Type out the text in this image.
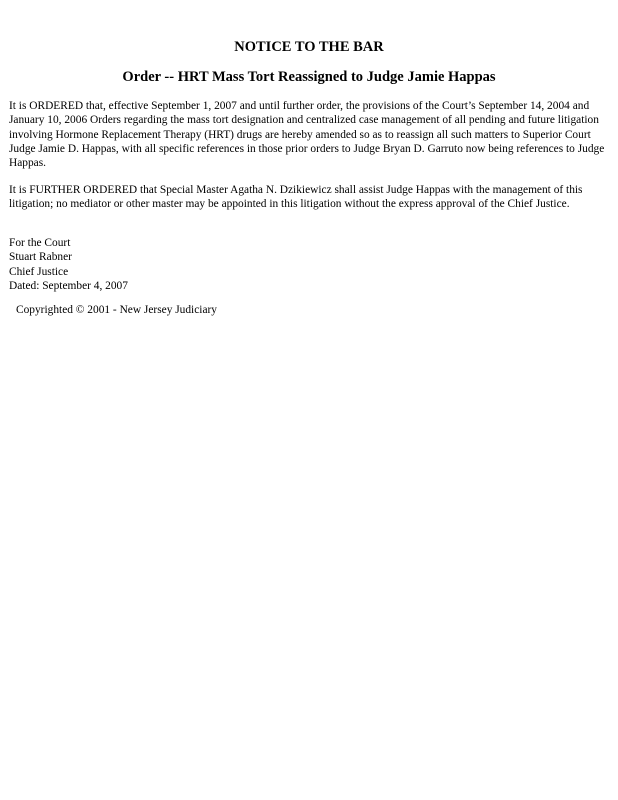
NOTICE TO THE BAR
Order -- HRT Mass Tort Reassigned to Judge Jamie Happas

It is ORDERED that, effective September 1, 2007 and until further order, the provisions of the Court’s September 14, 2004 and January 10, 2006 Orders regarding the mass tort designation and centralized case management of all pending and future litigation involving Hormone Replacement Therapy (HRT) drugs are hereby amended so as to reassign all such matters to Superior Court Judge Jamie D. Happas, with all specific references in those prior orders to Judge Bryan D. Garruto now being references to Judge Happas.

It is FURTHER ORDERED that Special Master Agatha N. Dzikiewicz shall assist Judge Happas with the management of this litigation; no mediator or other master may be appointed in this litigation without the express approval of the Chief Justice.

For the Court
Stuart Rabner
Chief Justice
Dated: September 4, 2007

Copyrighted © 2001 - New Jersey Judiciary
